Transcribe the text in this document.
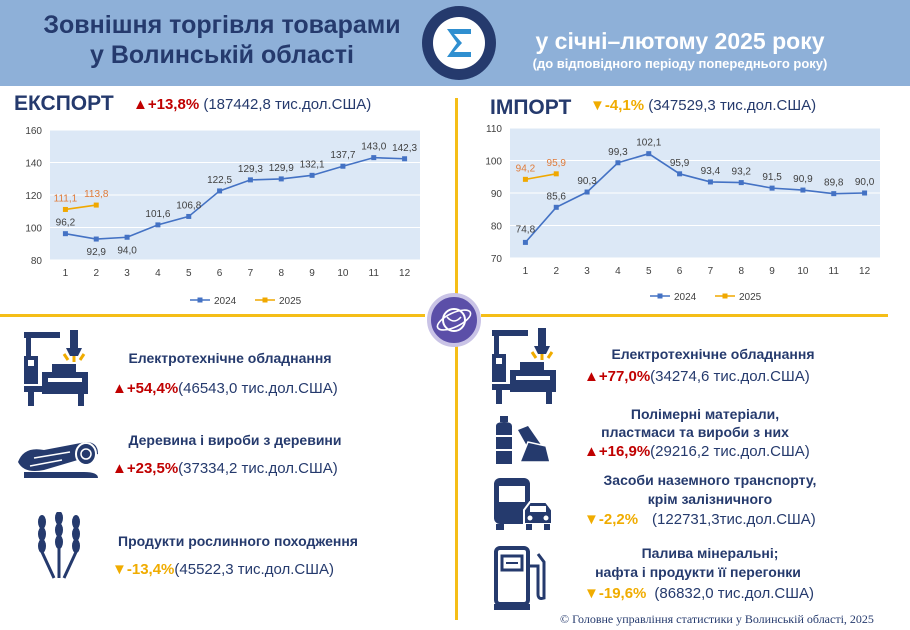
Зовнішня торгівля товарами у Волинській області	у січні–лютому 2025 року
(до відповідного періоду попереднього року)
ЕКСПОРТ ▲+13,8% (187442,8 тис.дол.США)	ІМПОРТ ▼-4,1% (347529,3 тис.дол.США)
80
100
120
140
160
1	2	3	4	5	6	7	8	9 10 11 12
96,2
92,9 94,0
101,6
106,8
122,5
129,3 129,9 132,1
137,7
143,0 142,3
111,1 113,8
2024	2025
70
80
90
100
110
1	2	3	4	5	6	7	8	9 10 11 12
74,8
85,6
90,3
99,3
102,1
95,9
93,4 93,2
91,5 90,9 89,8 90,0
94,2
95,9
2024	2025
Електротехнічне обладнання
▲+54,4%(46543,0 тис.дол.США)
Деревина і вироби з деревини
▲+23,5%(37334,2 тис.дол.США)
Продукти рослинного походження
▼-13,4%(45522,3 тис.дол.США)
Електротехнічне обладнання
▲+77,0%(34274,6 тис.дол.США)
Полімерні матеріали,
пластмаси та вироби з них
▲+16,9%(29216,2 тис.дол.США)
Засоби наземного транспорту,
крім залізничного
▼-2,2% (122731,3тис.дол.США)
Палива мінеральні;
нафта і продукти її перегонки
▼-19,6% (86832,0 тис.дол.США)
© Головне управління статистики у Волинській області, 2025
